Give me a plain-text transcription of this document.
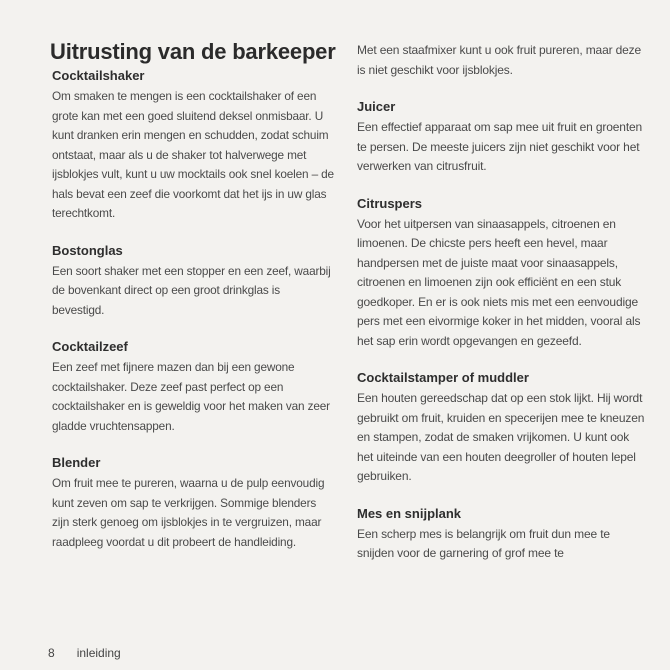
Uitrusting van de barkeeper
Cocktailshaker

Om smaken te mengen is een cocktailshaker of een grote kan met een goed sluitend deksel onmisbaar. U kunt dranken erin mengen en schudden, zodat schuim ontstaat, maar als u de shaker tot halverwege met ijsblokjes vult, kunt u uw mocktails ook snel koelen – de hals bevat een zeef die voorkomt dat het ijs in uw glas terechtkomt.

Bostonglas

Een soort shaker met een stopper en een zeef, waarbij de bovenkant direct op een groot drinkglas is bevestigd.

Cocktailzeef

Een zeef met fijnere mazen dan bij een gewone cocktailshaker. Deze zeef past perfect op een cocktailshaker en is geweldig voor het maken van zeer gladde vruchtensappen.

Blender

Om fruit mee te pureren, waarna u de pulp eenvoudig kunt zeven om sap te verkrijgen. Sommige blenders zijn sterk genoeg om ijsblokjes in te vergruizen, maar raadpleeg voordat u dit probeert de handleiding.

Met een staafmixer kunt u ook fruit pureren, maar deze is niet geschikt voor ijsblokjes.

Juicer

Een effectief apparaat om sap mee uit fruit en groenten te persen. De meeste juicers zijn niet geschikt voor het verwerken van citrusfruit.

Citruspers

Voor het uitpersen van sinaasappels, citroenen en limoenen. De chicste pers heeft een hevel, maar handpersen met de juiste maat voor sinaasappels, citroenen en limoenen zijn ook efficiënt en een stuk goedkoper. En er is ook niets mis met een eenvoudige pers met een eivormige koker in het midden, vooral als het sap erin wordt opgevangen en gezeefd.

Cocktailstamper of muddler

Een houten gereedschap dat op een stok lijkt. Hij wordt gebruikt om fruit, kruiden en specerijen mee te kneuzen en stampen, zodat de smaken vrijkomen. U kunt ook het uiteinde van een houten deegroller of houten lepel gebruiken.

Mes en snijplank

Een scherp mes is belangrijk om fruit dun mee te snijden voor de garnering of grof mee te

8 inleiding
